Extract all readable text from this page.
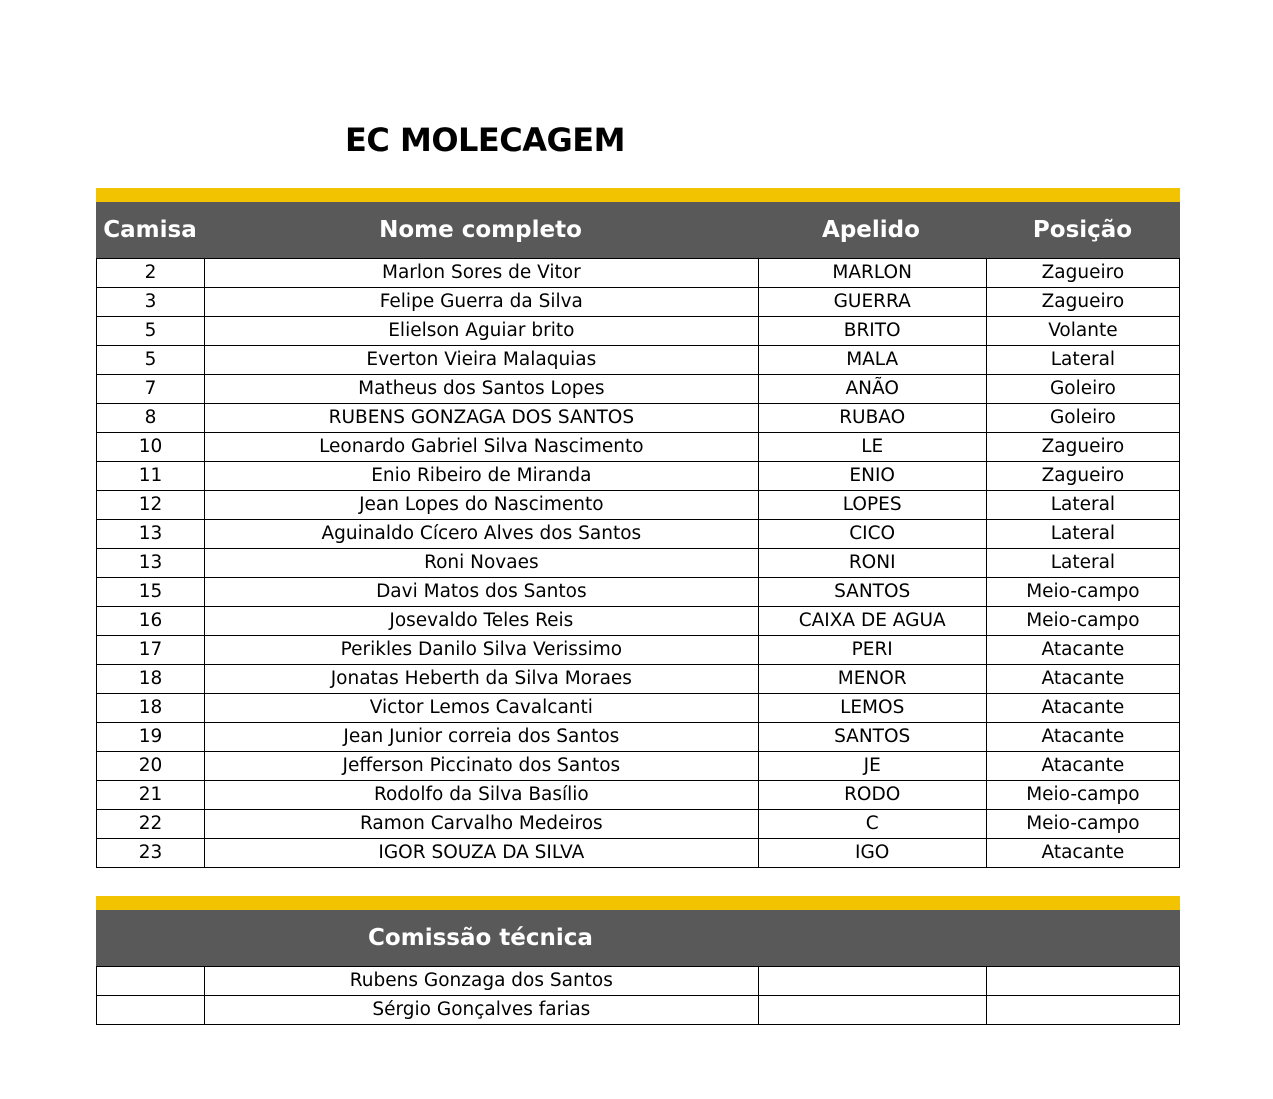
EC MOLECAGEM
Camisa	Nome completo	Apelido	Posição
2	Marlon Sores de Vitor	MARLON	Zagueiro
3	Felipe Guerra da Silva	GUERRA	Zagueiro
5	Elielson Aguiar brito	BRITO	Volante
5	Everton Vieira Malaquias	MALA	Lateral
7	Matheus dos Santos Lopes	ANÃO	Goleiro
8	RUBENS GONZAGA DOS SANTOS	RUBAO	Goleiro
10	Leonardo Gabriel Silva Nascimento	LE	Zagueiro
11	Enio Ribeiro de Miranda	ENIO	Zagueiro
12	Jean Lopes do Nascimento	LOPES	Lateral
13	Aguinaldo Cícero Alves dos Santos	CICO	Lateral
13	Roni Novaes	RONI	Lateral
15	Davi Matos dos Santos	SANTOS	Meio-campo
16	Josevaldo Teles Reis	CAIXA DE AGUA	Meio-campo
17	Perikles Danilo Silva Verissimo	PERI	Atacante
18	Jonatas Heberth da Silva Moraes	MENOR	Atacante
18	Victor Lemos Cavalcanti	LEMOS	Atacante
19	Jean Junior correia dos Santos	SANTOS	Atacante
20	Jefferson Piccinato dos Santos	JE	Atacante
21	Rodolfo da Silva Basílio	RODO	Meio-campo
22	Ramon Carvalho Medeiros	C	Meio-campo
23	IGOR SOUZA DA SILVA	IGO	Atacante
Comissão técnica
	Rubens Gonzaga dos Santos		
	Sérgio Gonçalves farias		
